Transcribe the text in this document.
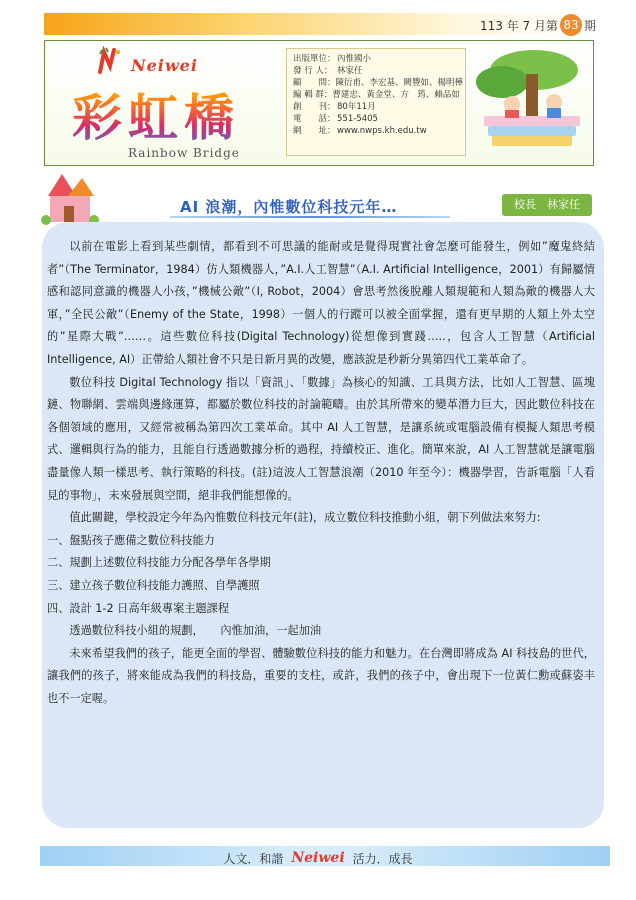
113 年 7 月第 83 期
Neiwei
彩虹橋
Rainbow Bridge
出版單位： 內惟國小
發 行 人： 林家任
顧　　問： 陳衍甫、李宏基、闕豐如、楊明樺
編 輯 群： 曹建忠、黃金堂、方　筠、賴品如
創　　刊： 80年11月
電　　話： 551-5405
網　　址： www.nwps.kh.edu.tw
AI 浪潮，內惟數位科技元年…	校長　林家任

以前在電影上看到某些劇情，都看到不可思議的能耐或是覺得現實社會怎麼可能發生，例如”魔鬼終結者”（The Terminator，1984）仿人類機器人，”A.I.人工智慧”（A.I. Artificial Intelligence，2001）有歸屬情感和認同意識的機器人小孩，”機械公敵”（I, Robot，2004）會思考然後脫離人類規範和人類為敵的機器人大軍，”全民公敵”（Enemy of the State，1998）一個人的行蹤可以被全面掌握，還有更早期的人類上外太空的”星際大戰”……。這些數位科技(Digital Technology)從想像到實踐…..，包含人工智慧（Artificial Intelligence, AI）正帶給人類社會不只是日新月異的改變，應該說是秒新分異第四代工業革命了。

數位科技 Digital Technology 指以「資訊」、「數據」為核心的知識、工具與方法，比如人工智慧、區塊鏈、物聯網、雲端與邊緣運算，都屬於數位科技的討論範疇。由於其所帶來的變革潛力巨大，因此數位科技在各個領域的應用，又經常被稱為第四次工業革命。其中 AI 人工智慧，是讓系統或電腦設備有模擬人類思考模式、邏輯與行為的能力，且能自行透過數據分析的過程，持續校正、進化。簡單來說，AI 人工智慧就是讓電腦盡量像人類一樣思考、執行策略的科技。(註)這波人工智慧浪潮（2010 年至今）：機器學習，告訴電腦「人看見的事物」，未來發展與空間，絕非我們能想像的。

值此關鍵，學校設定今年為內惟數位科技元年(註)，成立數位科技推動小組，朝下列做法來努力:

一、盤點孩子應備之數位科技能力

二、規劃上述數位科技能力分配各學年各學期

三、建立孩子數位科技能力護照、自學護照

四、設計 1-2 日高年級專案主題課程

透過數位科技小組的規劃，　　內惟加油，一起加油

未來希望我們的孩子，能更全面的學習、體驗數位科技的能力和魅力。在台灣即將成為 AI 科技島的世代，讓我們的孩子，將來能成為我們的科技島，重要的支柱，或許，我們的孩子中，會出現下一位黃仁勳或蘇姿丰也不一定喔。

人文．和諧 Neiwei 活力．成長
